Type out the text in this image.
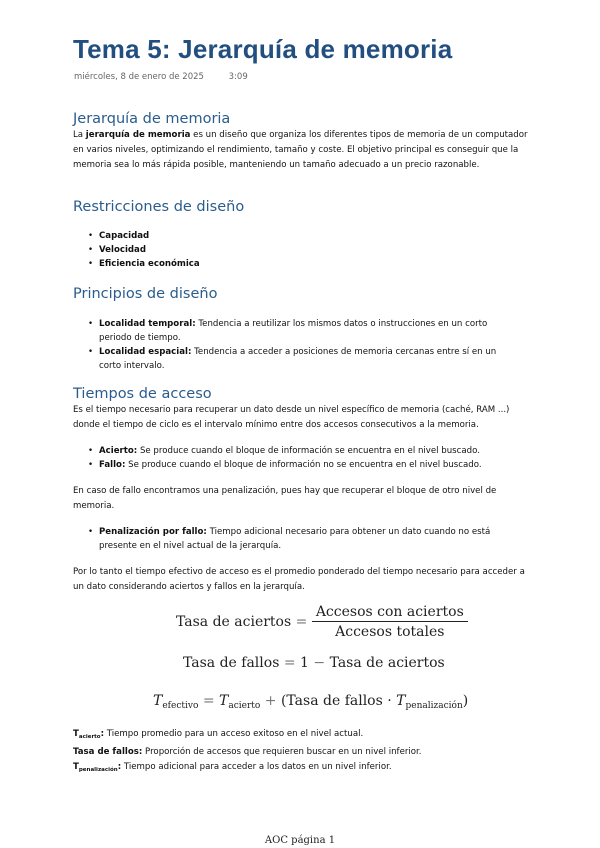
Tema 5: Jerarquía de memoria
miércoles, 8 de enero de 2025	3:09
Jerarquía de memoria

La jerarquía de memoria es un diseño que organiza los diferentes tipos de memoria de un computador en varios niveles, optimizando el rendimiento, tamaño y coste. El objetivo principal es conseguir que la memoria sea lo más rápida posible, manteniendo un tamaño adecuado a un precio razonable.

Restricciones de diseño
• Capacidad
• Velocidad
• Eficiencia económica
Principios de diseño
• Localidad temporal: Tendencia a reutilizar los mismos datos o instrucciones en un corto periodo de tiempo.
• Localidad espacial: Tendencia a acceder a posiciones de memoria cercanas entre sí en un corto intervalo.
Tiempos de acceso

Es el tiempo necesario para recuperar un dato desde un nivel específico de memoria (caché, RAM ...) donde el tiempo de ciclo es el intervalo mínimo entre dos accesos consecutivos a la memoria.

• Acierto: Se produce cuando el bloque de información se encuentra en el nivel buscado.
• Fallo: Se produce cuando el bloque de información no se encuentra en el nivel buscado.

En caso de fallo encontramos una penalización, pues hay que recuperar el bloque de otro nivel de memoria.

• Penalización por fallo: Tiempo adicional necesario para obtener un dato cuando no está presente en el nivel actual de la jerarquía.

Por lo tanto el tiempo efectivo de acceso es el promedio ponderado del tiempo necesario para acceder a un dato considerando aciertos y fallos en la jerarquía.

Tasa de aciertos = $\frac{\text{Accesos con aciertos}}{\text{Accesos totales}}$
Tasa de fallos = 1 − Tasa de aciertos
$T_{efectivo} = T_{acierto}$ + (Tasa de fallos · $T_{penalización}$)
$T_{acierto}$: Tiempo promedio para un acceso exitoso en el nivel actual.
Tasa de fallos: Proporción de accesos que requieren buscar en un nivel inferior.
$T_{penalización}$: Tiempo adicional para acceder a los datos en un nivel inferior.
AOC página 1
